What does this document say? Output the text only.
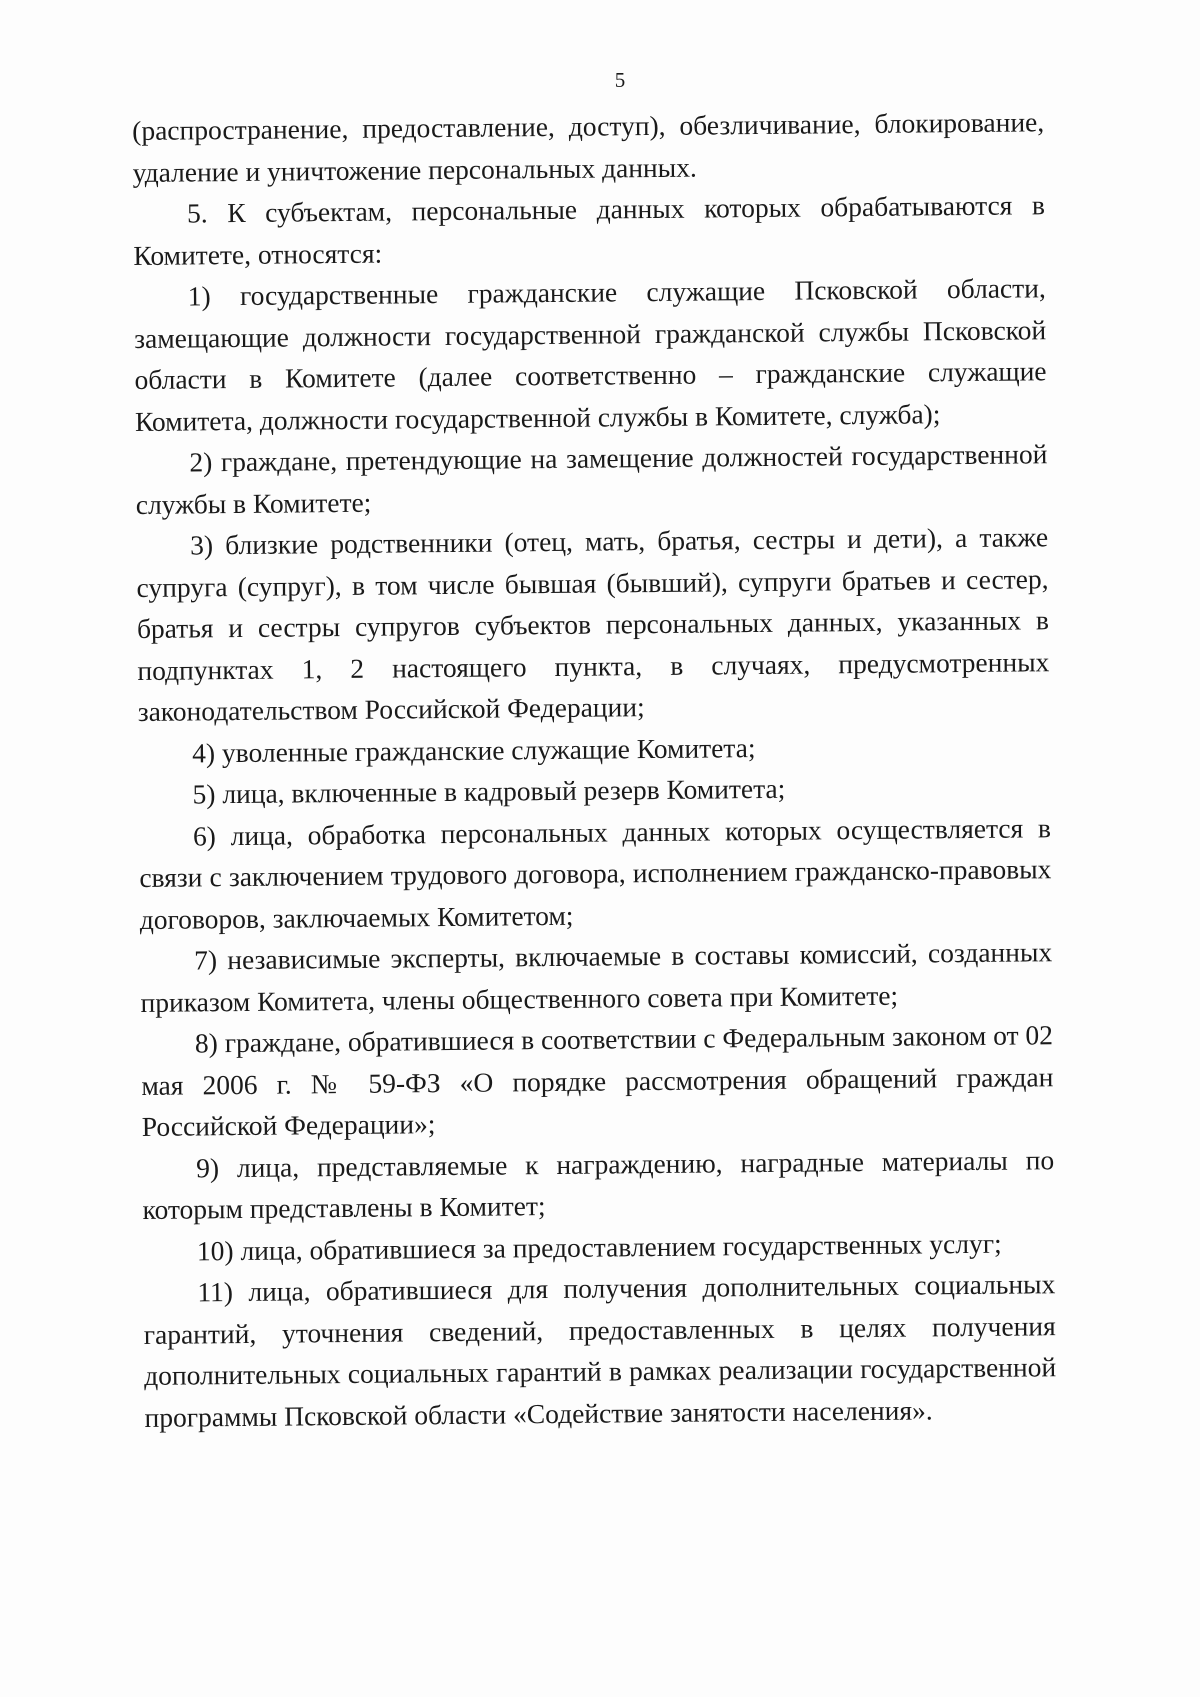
5

(распространение, предоставление, доступ), обезличивание, блокирование, удаление и уничтожение персональных данных.

5. К субъектам, персональные данных которых обрабатываются в Комитете, относятся:

1) государственные гражданские служащие Псковской области, замещающие должности государственной гражданской службы Псковской области в Комитете (далее соответственно – гражданские служащие Комитета, должности государственной службы в Комитете, служба);

2) граждане, претендующие на замещение должностей государственной службы в Комитете;

3) близкие родственники (отец, мать, братья, сестры и дети), а также супруга (супруг), в том числе бывшая (бывший), супруги братьев и сестер, братья и сестры супругов субъектов персональных данных, указанных в подпунктах 1, 2 настоящего пункта, в случаях, предусмотренных законодательством Российской Федерации;

4) уволенные гражданские служащие Комитета;

5) лица, включенные в кадровый резерв Комитета;

6) лица, обработка персональных данных которых осуществляется в связи с заключением трудового договора, исполнением гражданско-правовых договоров, заключаемых Комитетом;

7) независимые эксперты, включаемые в составы комиссий, созданных приказом Комитета, члены общественного совета при Комитете;

8) граждане, обратившиеся в соответствии с Федеральным законом от 02 мая 2006 г. № 59-ФЗ «О порядке рассмотрения обращений граждан Российской Федерации»;

9) лица, представляемые к награждению, наградные материалы по которым представлены в Комитет;

10) лица, обратившиеся за предоставлением государственных услуг;

11) лица, обратившиеся для получения дополнительных социальных гарантий, уточнения сведений, предоставленных в целях получения дополнительных социальных гарантий в рамках реализации государственной программы Псковской области «Содействие занятости населения».
